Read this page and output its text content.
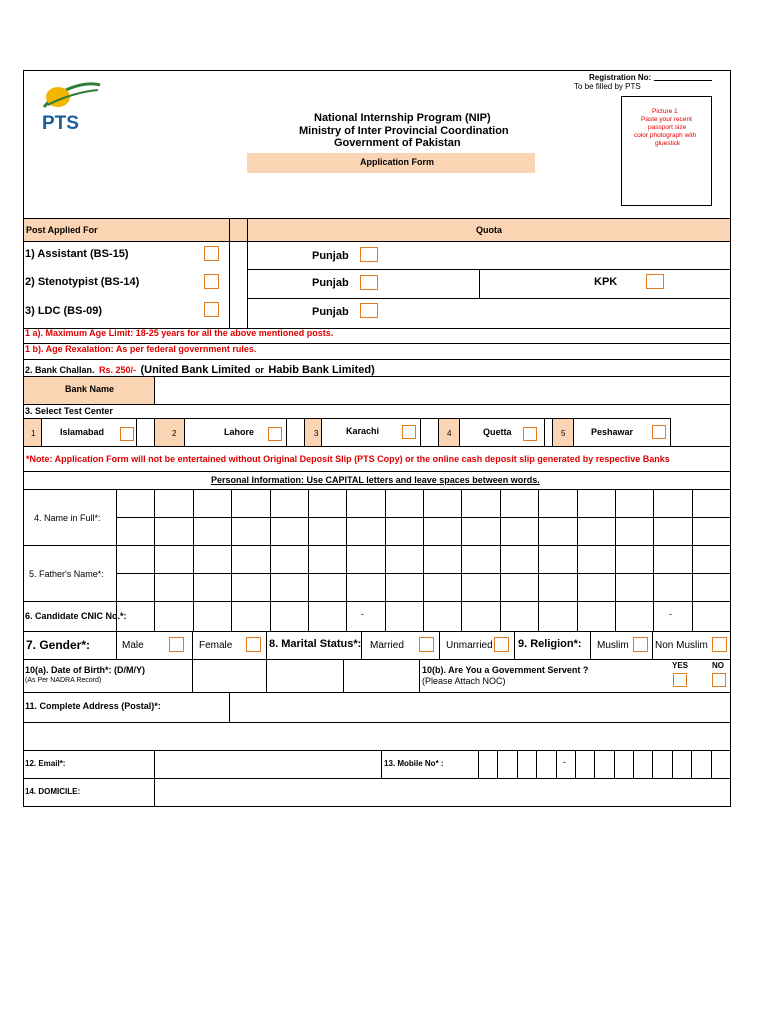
PTS	National Internship Program (NIP)
Ministry of Inter Provincial Coordination
Government of Pakistan
Application Form
Registration No:
To be filled by PTS
Picture 1
Paste your recent
passport size
color photograph with
gluestick
Post Applied For	Quota
1) Assistant (BS-15)	Punjab
2) Stenotypist (BS-14)	Punjab	KPK
3) LDC (BS-09)	Punjab
1 a). Maximum Age Limit: 18-25 years for all the above mentioned posts.
1 b). Age Rexalation: As per federal government rules.
2. Bank Challan. Rs. 250/- (United Bank Limited or Habib Bank Limited)
Bank Name
3. Select Test Center
1	Islamabad	2	Lahore	3	Karachi	4	Quetta	5	Peshawar
*Note: Application Form will not be entertained without Original Deposit Slip (PTS Copy) or the online cash deposit slip generated by respective Banks
Personal Information: Use CAPITAL letters and leave spaces between words.
4. Name in Full*:
5. Father's Name*:
6. Candidate CNIC No.*:	-	-
7. Gender*:	Male	Female	8. Marital Status*: Married	Unmarried 9. Religion*: Muslim	Non Muslim
10(a). Date of Birth*: (D/M/Y)
(As Per NADRA Record)
10(b). Are You a Government Servent ?
(Please Attach NOC)
YES	NO
11. Complete Address (Postal)*:
12. Email*:	13. Mobile No* :	-
14. DOMICILE:
